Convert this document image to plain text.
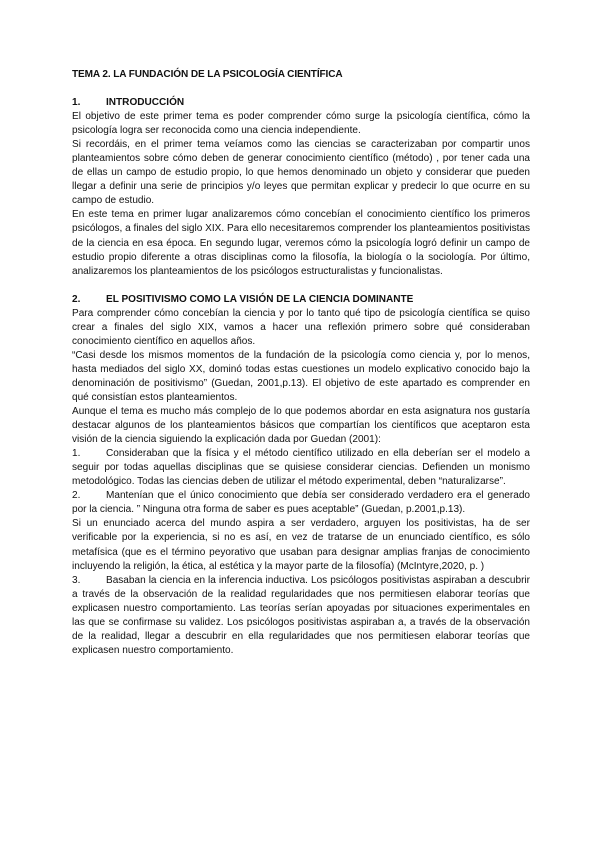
TEMA 2. LA FUNDACIÓN DE LA PSICOLOGÍA CIENTÍFICA

1.	INTRODUCCIÓN

El objetivo de este primer tema es poder comprender cómo surge la psicología científica, cómo la psicología logra ser reconocida como una ciencia independiente.

Si recordáis, en el primer tema veíamos como las ciencias se caracterizaban por compartir unos planteamientos sobre cómo deben de generar conocimiento científico (método) , por tener cada una de ellas un campo de estudio propio, lo que hemos denominado un objeto y considerar que pueden llegar a definir una serie de principios y/o leyes que permitan explicar y predecir lo que ocurre en su campo de estudio.

En este tema en primer lugar analizaremos cómo concebían el conocimiento científico los primeros psicólogos, a finales del siglo XIX. Para ello necesitaremos comprender los planteamientos positivistas de la ciencia en esa época. En segundo lugar, veremos cómo la psicología logró definir un campo de estudio propio diferente a otras disciplinas como la filosofía, la biología o la sociología. Por último, analizaremos los planteamientos de los psicólogos estructuralistas y funcionalistas.

2.	EL POSITIVISMO COMO LA VISIÓN DE LA CIENCIA DOMINANTE

Para comprender cómo concebían la ciencia y por lo tanto qué tipo de psicología científica se quiso crear a finales del siglo XIX, vamos a hacer una reflexión primero sobre qué consideraban conocimiento científico en aquellos años.

“Casi desde los mismos momentos de la fundación de la psicología como ciencia y, por lo menos, hasta mediados del siglo XX, dominó todas estas cuestiones un modelo explicativo conocido bajo la denominación de positivismo” (Guedan, 2001,p.13). El objetivo de este apartado es comprender en qué consistían estos planteamientos.

Aunque el tema es mucho más complejo de lo que podemos abordar en esta asignatura nos gustaría destacar algunos de los planteamientos básicos que compartían los científicos que aceptaron esta visión de la ciencia siguiendo la explicación dada por Guedan (2001):

1.	Consideraban que la física y el método científico utilizado en ella deberían ser el modelo a seguir por todas aquellas disciplinas que se quisiese considerar ciencias. Defienden un monismo metodológico. Todas las ciencias deben de utilizar el método experimental, deben “naturalizarse”.

2.	Mantenían que el único conocimiento que debía ser considerado verdadero era el generado por la ciencia. ” Ninguna otra forma de saber es pues aceptable” (Guedan, p.2001,p.13).

Si un enunciado acerca del mundo aspira a ser verdadero, arguyen los positivistas, ha de ser verificable por la experiencia, si no es así, en vez de tratarse de un enunciado científico, es sólo metafísica (que es el término peyorativo que usaban para designar amplias franjas de conocimiento incluyendo la religión, la ética, al estética y la mayor parte de la filosofía) (McIntyre,2020, p. )

3.	Basaban la ciencia en la inferencia inductiva. Los psicólogos positivistas aspiraban a descubrir a través de la observación de la realidad regularidades que nos permitiesen elaborar teorías que explicasen nuestro comportamiento. Las teorías serían apoyadas por situaciones experimentales en las que se confirmase su validez. Los psicólogos positivistas aspiraban a, a través de la observación de la realidad, llegar a descubrir en ella regularidades que nos permitiesen elaborar teorías que explicasen nuestro comportamiento.
